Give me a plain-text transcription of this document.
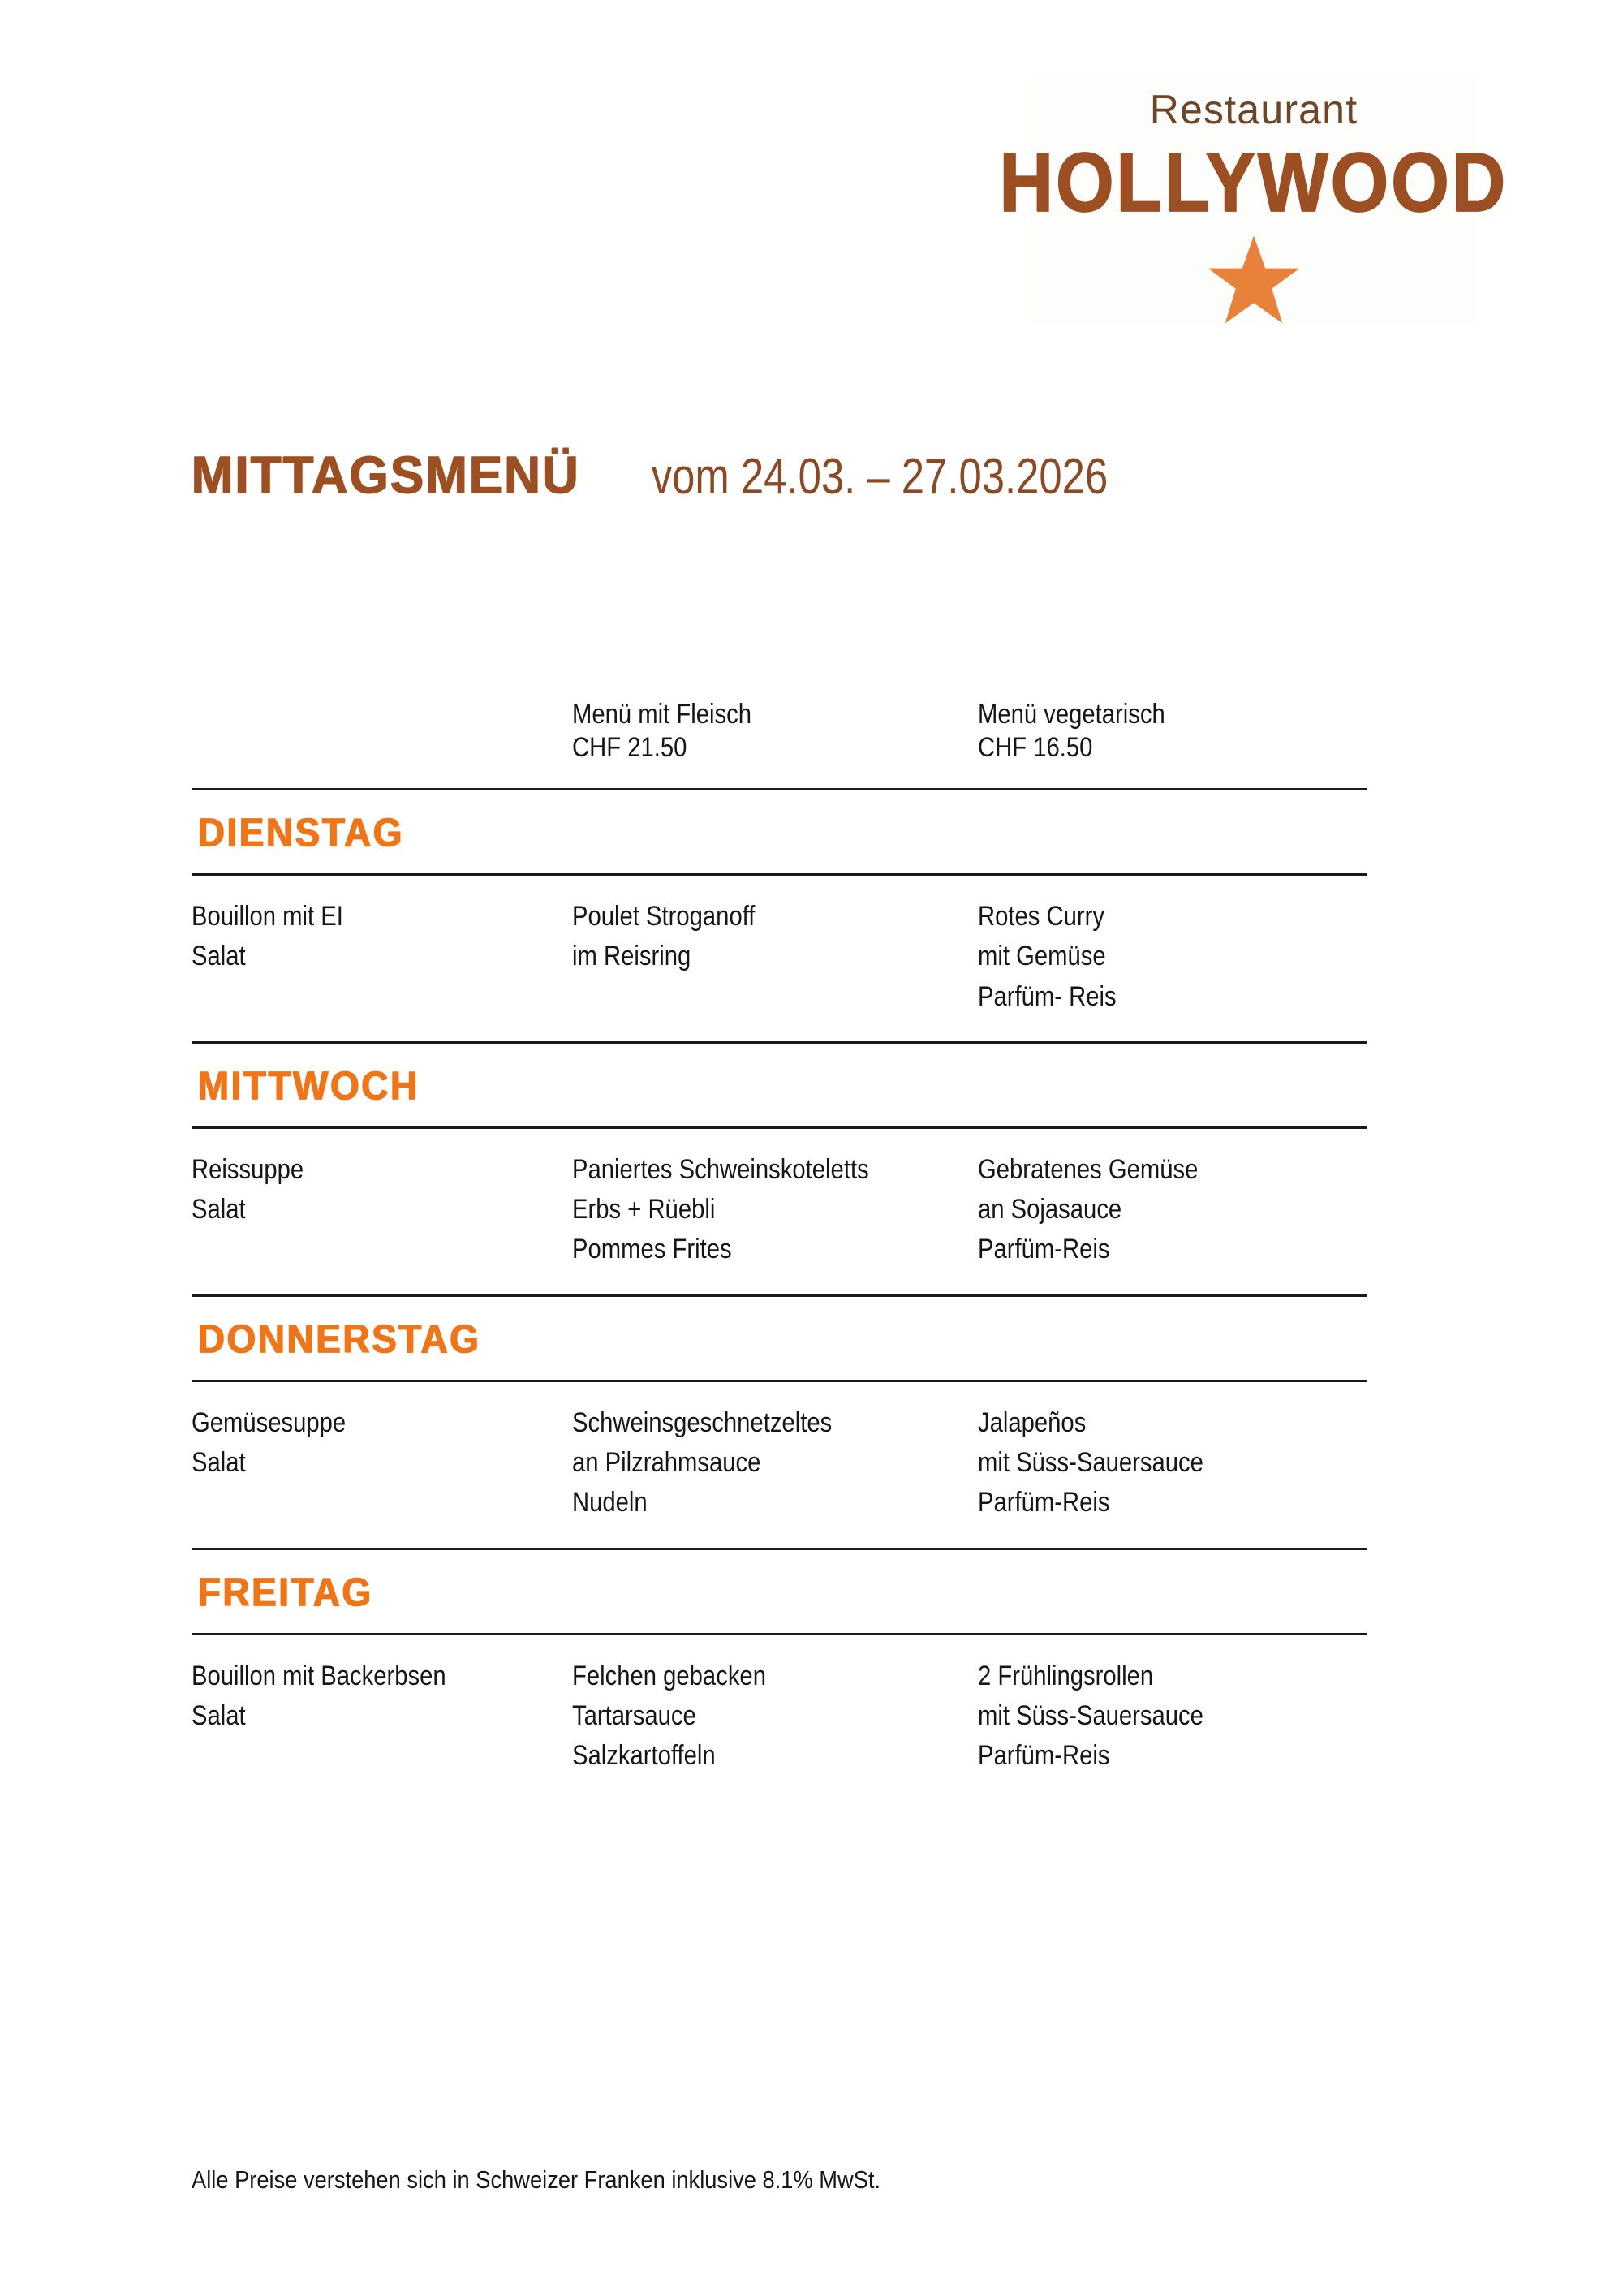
Restaurant
HOLLYWOOD
MITTAGSMENÜ vom 24.03. – 27.03.2026
Menü mit Fleisch
CHF 21.50
Menü vegetarisch
CHF 16.50
DIENSTAG
Bouillon mit EI
Salat
Poulet Stroganoff
im Reisring
Rotes Curry
mit Gemüse
Parfüm- Reis
MITTWOCH
Reissuppe
Salat
Paniertes Schweinskoteletts
Erbs + Rüebli
Pommes Frites
Gebratenes Gemüse
an Sojasauce
Parfüm-Reis
DONNERSTAG
Gemüsesuppe
Salat
Schweinsgeschnetzeltes
an Pilzrahmsauce
Nudeln
Jalapeños
mit Süss-Sauersauce
Parfüm-Reis
FREITAG
Bouillon mit Backerbsen
Salat
Felchen gebacken
Tartarsauce
Salzkartoffeln
2 Frühlingsrollen
mit Süss-Sauersauce
Parfüm-Reis
Alle Preise verstehen sich in Schweizer Franken inklusive 8.1% MwSt.
